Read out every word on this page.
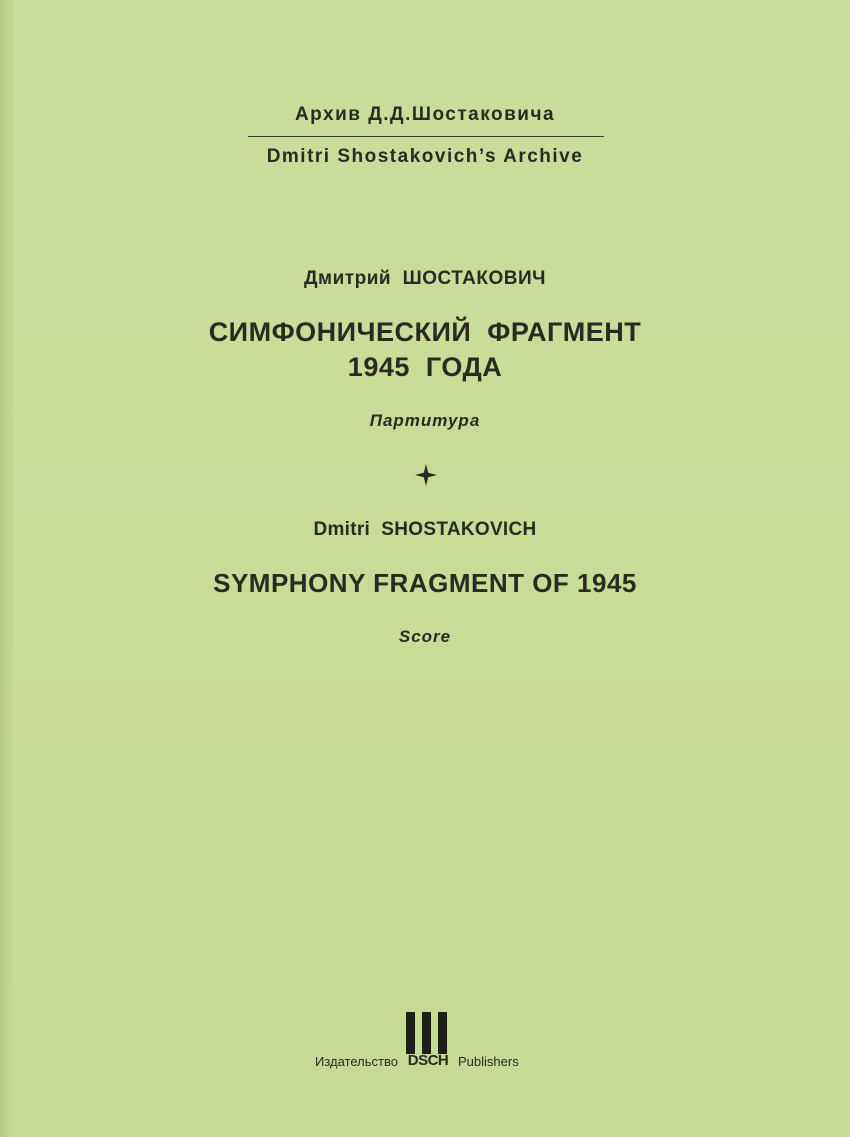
Архив Д.Д.Шостаковича
Dmitri Shostakovich’s Archive
Дмитрий  ШОСТАКОВИЧ
СИМФОНИЧЕСКИЙ  ФРАГМЕНТ
1945  ГОДА
Партитура
Dmitri  SHOSTAKOVICH
SYMPHONY FRAGMENT OF 1945
Score
Издательство DSCH Publishers
